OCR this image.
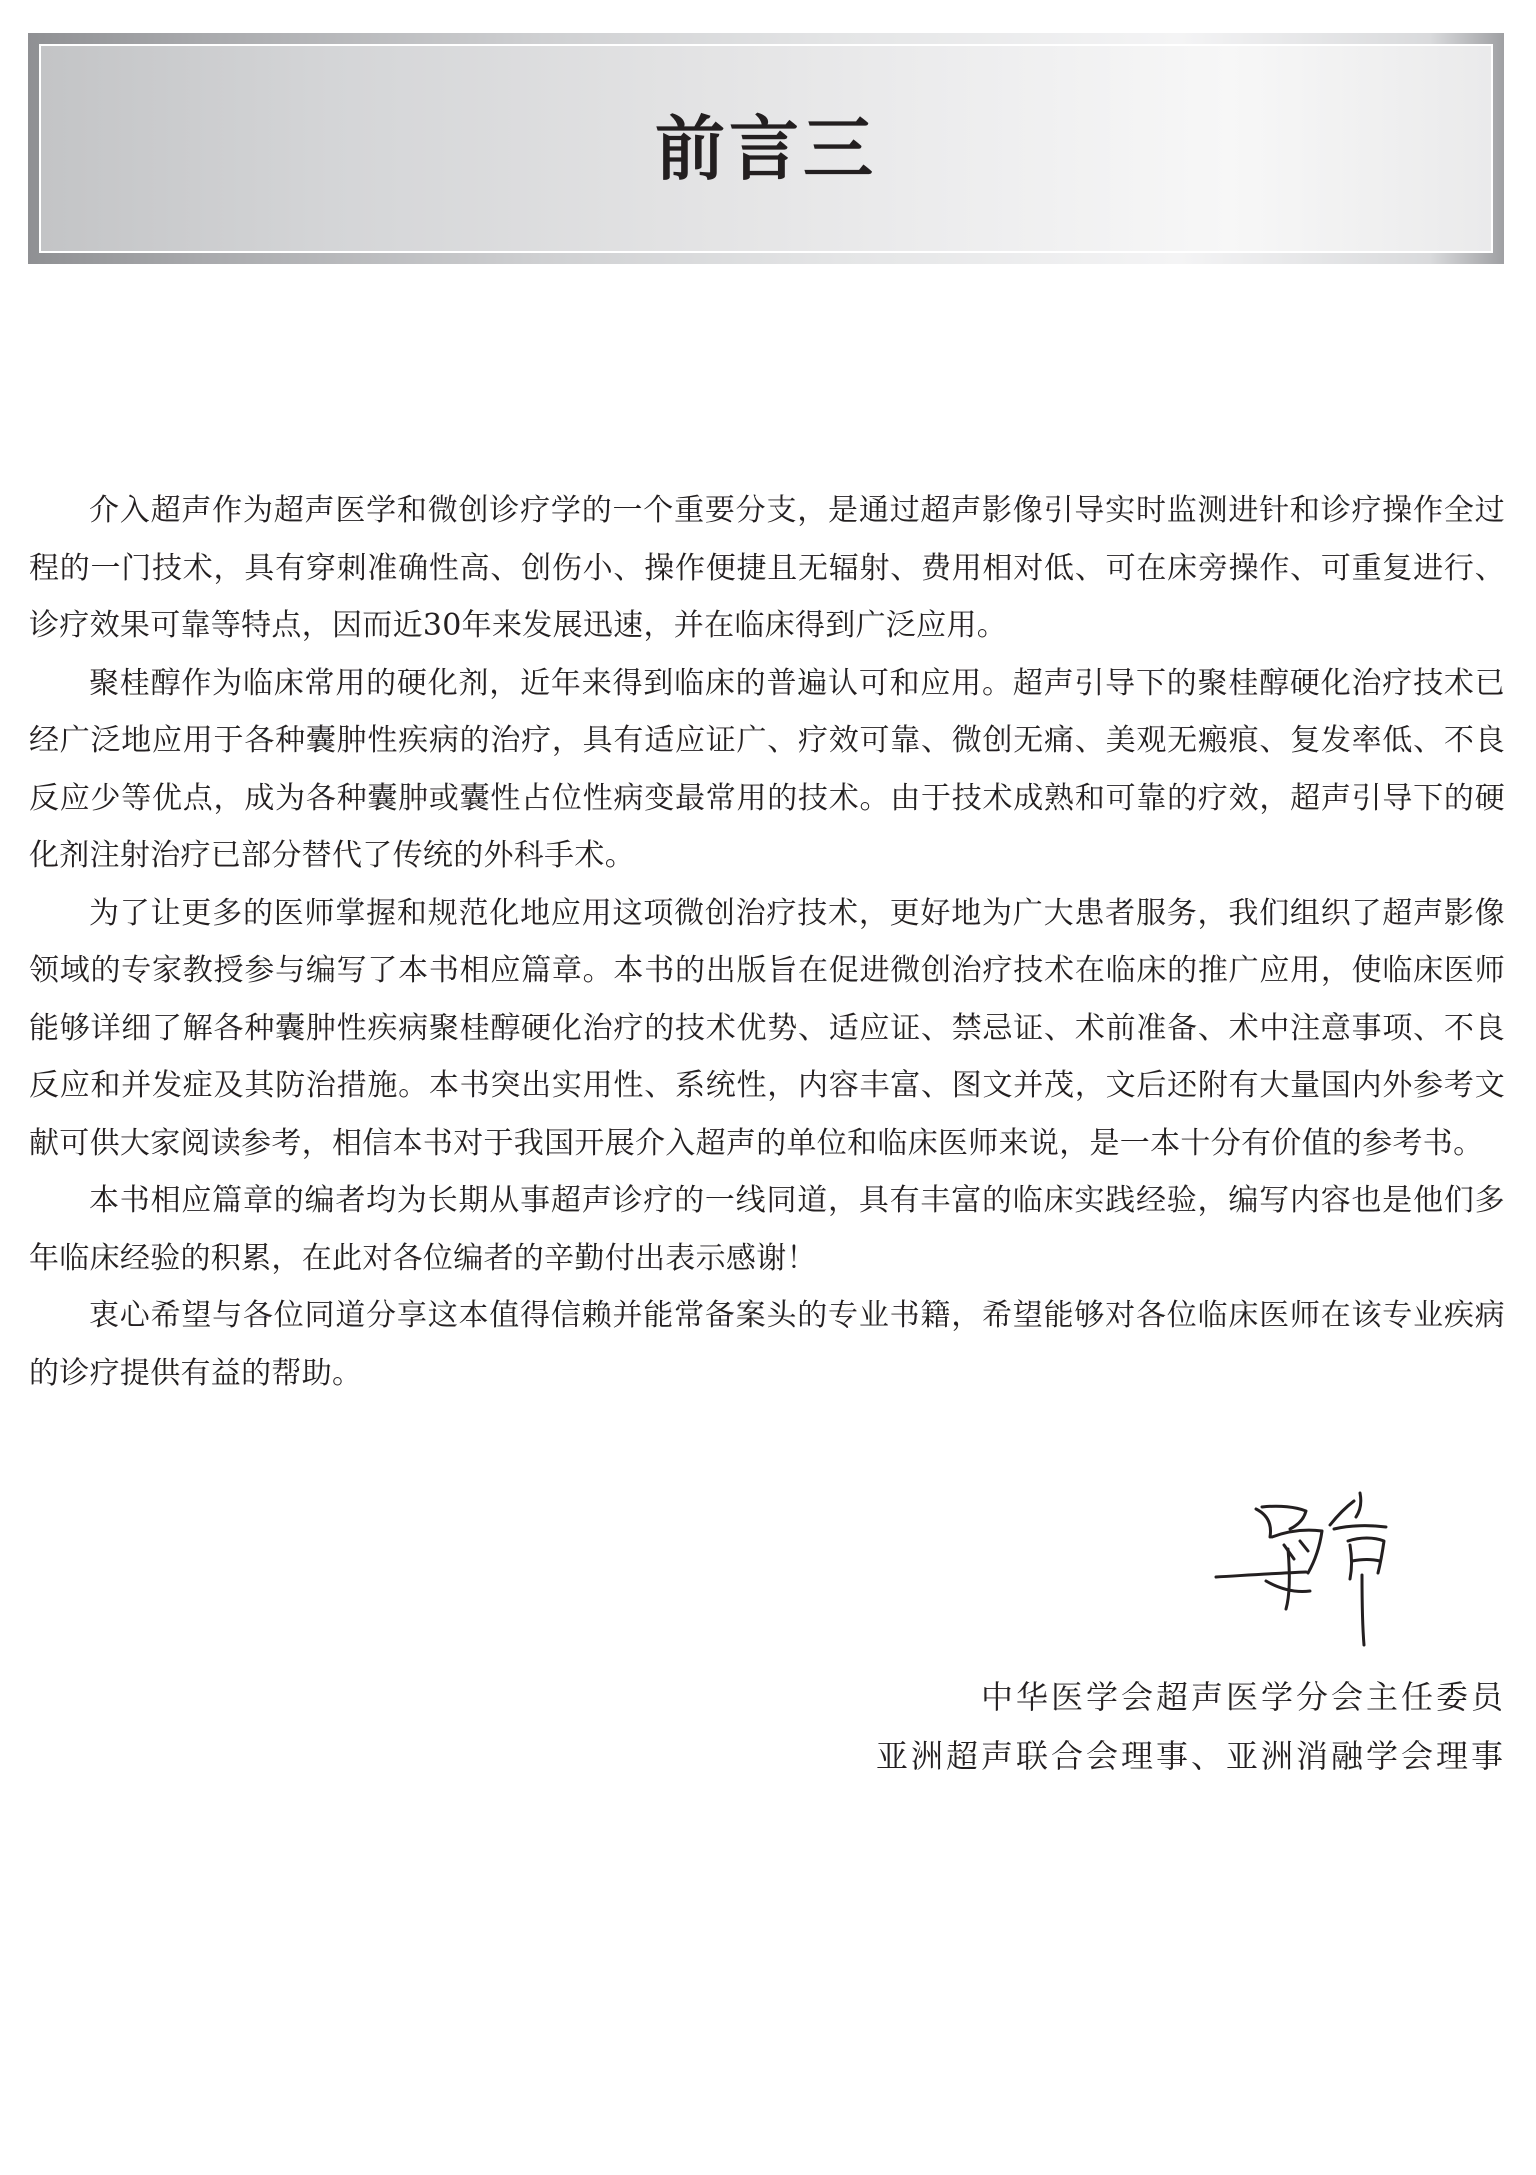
前言三

介入超声作为超声医学和微创诊疗学的一个重要分支，是通过超声影像引导实时监测进针和诊疗操作全过程的一门技术，具有穿刺准确性高、创伤小、操作便捷且无辐射、费用相对低、可在床旁操作、可重复进行、诊疗效果可靠等特点，因而近30年来发展迅速，并在临床得到广泛应用。

聚桂醇作为临床常用的硬化剂，近年来得到临床的普遍认可和应用。超声引导下的聚桂醇硬化治疗技术已经广泛地应用于各种囊肿性疾病的治疗，具有适应证广、疗效可靠、微创无痛、美观无瘢痕、复发率低、不良反应少等优点，成为各种囊肿或囊性占位性病变最常用的技术。由于技术成熟和可靠的疗效，超声引导下的硬化剂注射治疗已部分替代了传统的外科手术。

为了让更多的医师掌握和规范化地应用这项微创治疗技术，更好地为广大患者服务，我们组织了超声影像领域的专家教授参与编写了本书相应篇章。本书的出版旨在促进微创治疗技术在临床的推广应用，使临床医师能够详细了解各种囊肿性疾病聚桂醇硬化治疗的技术优势、适应证、禁忌证、术前准备、术中注意事项、不良反应和并发症及其防治措施。本书突出实用性、系统性，内容丰富、图文并茂，文后还附有大量国内外参考文献可供大家阅读参考，相信本书对于我国开展介入超声的单位和临床医师来说，是一本十分有价值的参考书。

本书相应篇章的编者均为长期从事超声诊疗的一线同道，具有丰富的临床实践经验，编写内容也是他们多年临床经验的积累，在此对各位编者的辛勤付出表示感谢！

衷心希望与各位同道分享这本值得信赖并能常备案头的专业书籍，希望能够对各位临床医师在该专业疾病的诊疗提供有益的帮助。

中华医学会超声医学分会主任委员
亚洲超声联合会理事、亚洲消融学会理事
